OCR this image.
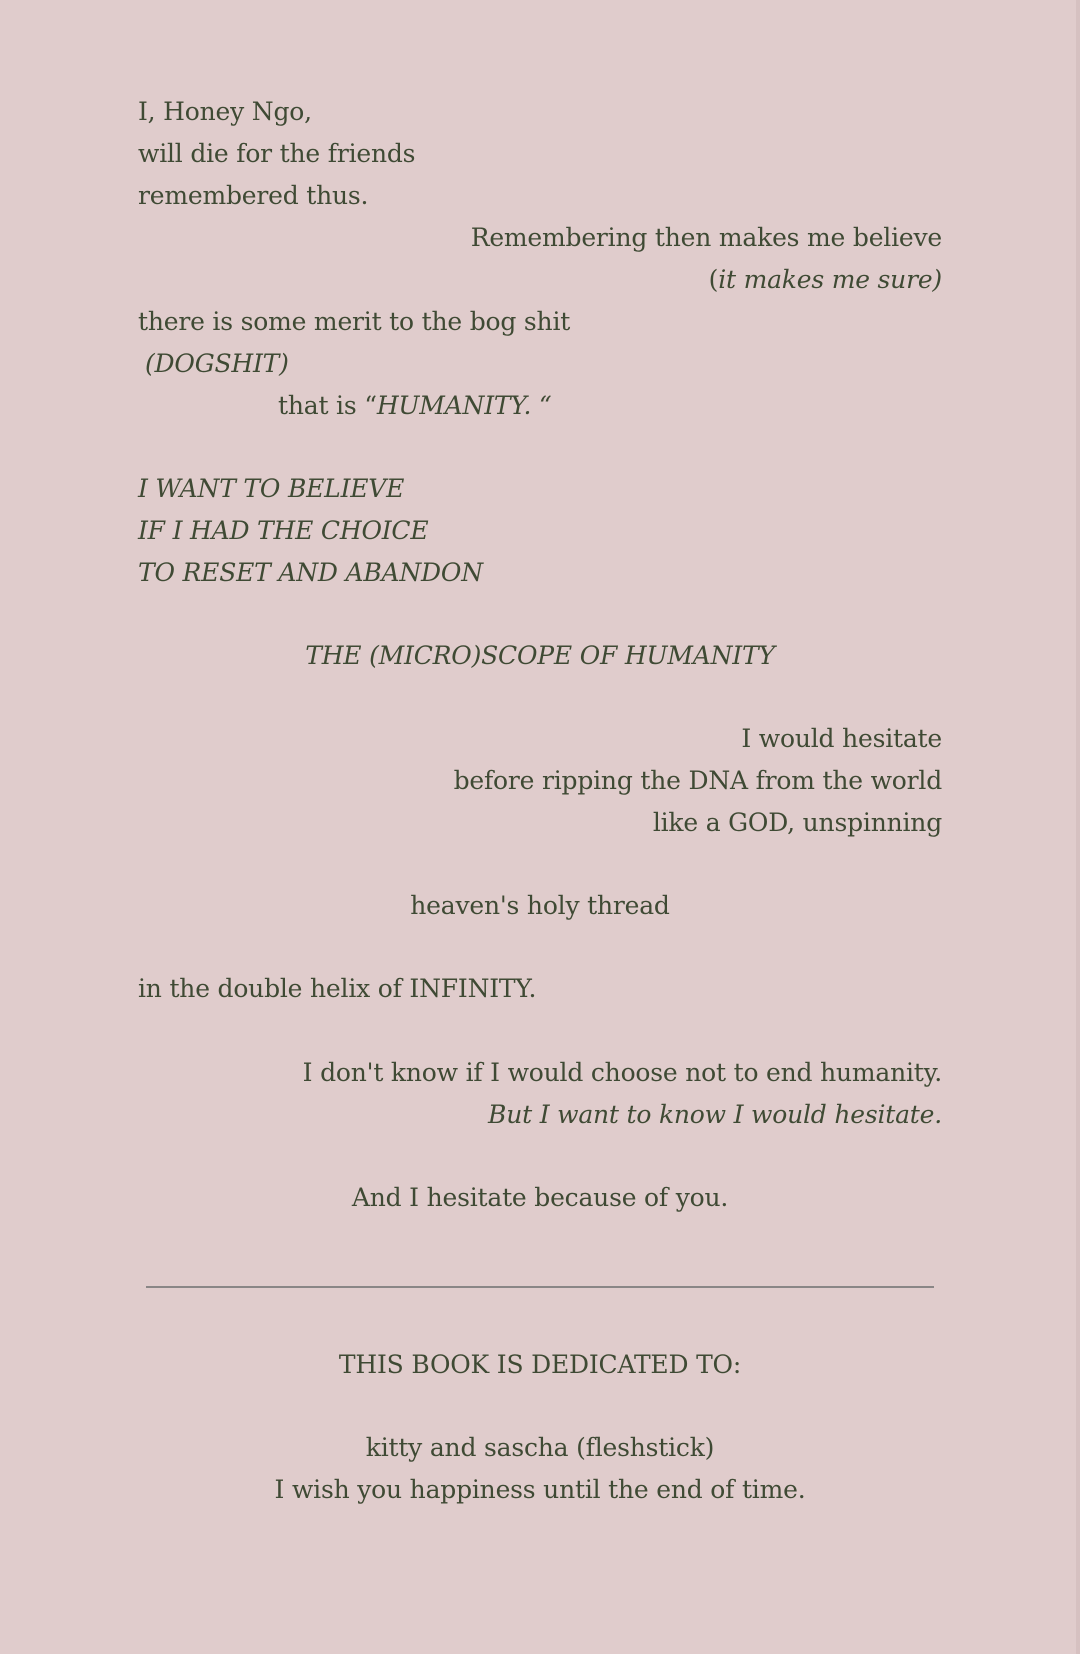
I, Honey Ngo,
will die for the friends
remembered thus.
Remembering then makes me believe
(it makes me sure)
there is some merit to the bog shit
(DOGSHIT)
that is “HUMANITY. “
I WANT TO BELIEVE
IF I HAD THE CHOICE
TO RESET AND ABANDON
THE (MICRO)SCOPE OF HUMANITY
I would hesitate
before ripping the DNA from the world
like a GOD, unspinning
heaven's holy thread
in the double helix of INFINITY.
I don't know if I would choose not to end humanity.
But I want to know I would hesitate.
And I hesitate because of you.
THIS BOOK IS DEDICATED TO:
kitty and sascha (fleshstick)
I wish you happiness until the end of time.
